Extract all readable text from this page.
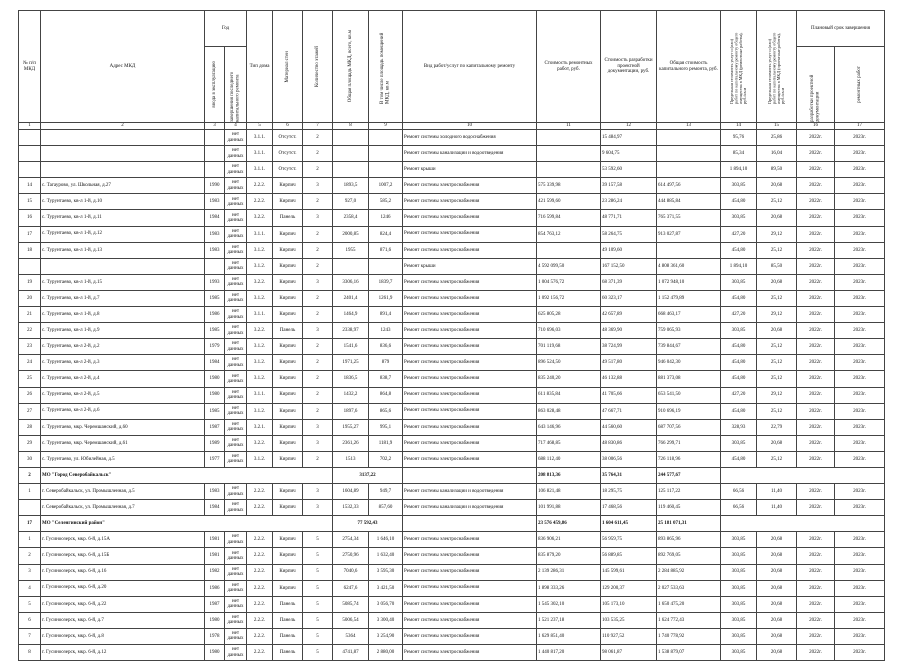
№ п/п МКД	Адрес МКД	Год		Тип дома	Материал стен	Количество этажей	Общая площадь МКД, всего, кв.м	В том числе площадь помещений МКД, кв.м	Вид работ/услуг по капитальному ремонту	Стоимость ремонтных работ, руб.	Стоимость разработки проектной документации, руб.	Общая стоимость капитального ремонта, руб.	Предельная стоимость услуг и (или) работ по капитальному ремонту общего имущества в МКД (ремонтные работы), руб./кв.м	Предельная стоимость услуг и (или) работ по капитальному ремонту общего имущества в МКД (проектные работы), руб./кв.м	Плановый срок завершения	

		ввода в эксплуатацию	завершения последнего капитального ремонта												разработки проектной документации	ремонтных работ

1	2	3	4	5	6	7	8	9	10	11	12	13	14	15	16	17
			нет данных	3.1.1.	Отсутст.	2			Ремонт системы холодного водоснабжения		15 484,97		95,76	25,86	2022г.	2023г.
			нет данных	3.1.1.	Отсутст.	2			Ремонт системы канализации и водоотведения		9 604,75		85,34	16,04	2022г.	2023г.
			нет данных	3.1.1.	Отсутст.	2			Ремонт крыши		53 592,60		1 894,10	89,50	2022г.	2023г.
14	с. Тагаурово, ул. Школьная, д.27	1990	нет данных	2.2.2.	Кирпич	3	1893,5	1007,2	Ремонт системы электроснабжения	575 339,98	39 157,58	614 497,56	303,85	20,68	2022г.	2023г.
15	с. Турунтаево, кв-л 1-й, д.10	1983	нет данных	2.2.2.	Кирпич	2	927,0	585,2	Ремонт системы электроснабжения	421 599,60	23 286,24	444 885,84	454,80	25,12	2022г.	2023г.
16	с. Турунтаево, кв-л 1-й, д.11	1984	нет данных	3.2.2.	Панель	3	2358,4	1246	Ремонт системы электроснабжения	716 599,84	48 771,71	765 371,55	303,85	20,68	2022г.	2023г.
17	с. Турунтаево, кв-л 1-й, д.12	1983	нет данных	3.1.1.	Кирпич	2	2000,85	824,4	Ремонт системы электроснабжения	854 763,12	58 264,75	913 027,87	427,20	29,12	2022г.	2023г.
18	с. Турунтаево, кв-л 1-й, д.13	1983	нет данных	3.1.2.	Кирпич	2	1955	871,6	Ремонт системы электроснабжения		49 109,60		454,80	25,12	2022г.	2023г.
			нет данных	3.1.2.	Кирпич	2			Ремонт крыши	4 592 099,50	167 152,50	4 808 361,60	1 894,10	85,50	2022г.	2023г.
19	с. Турунтаево, кв-л 1-й, д.15	1993	нет данных	3.2.2.	Кирпич	3	3306,16	1839,7	Ремонт системы электроснабжения	1 004 576,72	68 371,39	1 072 948,10	303,85	20,68	2022г.	2023г.
20	с. Турунтаево, кв-л 1-й, д.7	1985	нет данных	3.1.2.	Кирпич	2	2401,4	1261,9	Ремонт системы электроснабжения	1 092 156,72	60 323,17	1 152 479,89	454,80	25,12	2022г.	2023г.
21	с. Турунтаево, кв-л 1-й, д.8	1986	нет данных	3.1.1.	Кирпич	2	1464,9	891,4	Ремонт системы электроснабжения	625 805,28	42 657,89	668 463,17	427,20	29,12	2022г.	2023г.
22	с. Турунтаево, кв-л 1-й, д.9	1985	нет данных	3.2.2.	Панель	3	2338,97	1243	Ремонт системы электроснабжения	710 696,03	48 369,90	759 065,93	303,85	20,68	2022г.	2023г.
23	с. Турунтаево, кв-л 2-й, д.2	1979	нет данных	3.1.2.	Кирпич	2	1541,6	836,6	Ремонт системы электроснабжения	701 119,68	38 724,99	739 844,67	454,80	25,12	2022г.	2023г.
24	с. Турунтаево, кв-л 2-й, д.3	1984	нет данных	3.1.2.	Кирпич	2	1971,25	879	Ремонт системы электроснабжения	896 524,50	49 517,80	946 042,30	454,80	25,12	2022г.	2023г.
25	с. Турунтаево, кв-л 2-й, д.4	1980	нет данных	3.1.2.	Кирпич	2	1836,5	838,7	Ремонт системы электроснабжения	835 240,20	46 132,88	881 373,08	454,80	25,12	2022г.	2023г.
26	с. Турунтаево, кв-л 2-й, д.5	1980	нет данных	3.1.1.	Кирпич	2	1432,2	864,8	Ремонт системы электроснабжения	611 835,84	41 705,66	653 541,50	427,20	29,12	2022г.	2023г.
27	с. Турунтаево, кв-л 2-й, д.6	1985	нет данных	3.1.2.	Кирпич	2	1897,6	865,6	Ремонт системы электроснабжения	863 028,48	47 667,71	910 696,19	454,80	25,12	2022г.	2023г.
28	с. Турунтаево, мкр. Черемшанский, д.60	1987	нет данных	3.2.1.	Кирпич	3	1955,27	995,1	Ремонт системы электроснабжения	643 146,96	44 560,60	687 707,56	328,93	22,79	2022г.	2023г.
29	с. Турунтаево, мкр. Черемшанский, д.61	1989	нет данных	3.2.2.	Кирпич	3	2361,26	1181,9	Ремонт системы электроснабжения	717 468,85	48 830,86	766 299,71	303,85	20,68	2022г.	2023г.
30	с. Турунтаево, ул. Юбилейная, д.5	1977	нет данных	3.1.2.	Кирпич	2	1513	702,2	Ремонт системы электроснабжения	688 112,40	38 006,56	726 118,96	454,80	25,12	2022г.	2023г.
2	МО "Город Северобайкальск"						3137,22			208 813,36	35 764,31	244 577,67				
1	г. Северобайкальск, ул. Промышленная, д.5	1983	нет данных	2.2.2.	Кирпич	3	1604,89	949,7	Ремонт системы канализации и водоотведения	106 821,48	18 295,75	125 117,22	66,56	11,40	2022г.	2023г.
	г. Северобайкальск, ул. Промышленная, д.7	1984	нет данных	2.2.2.	Кирпич	3	1532,33	857,60	Ремонт системы канализации и водоотведения	101 991,88	17 468,56	119 460,45	66,56	11,40	2022г.	2023г.
17	МО "Селенгинский район"						77 592,43			23 576 459,86	1 604 611,45	25 181 071,31				
1	г. Гусиноозерск, мкр. 6-й, д.15А	1981	нет данных	2.2.2.	Кирпич	5	2754,34	1 646,10	Ремонт системы электроснабжения	836 906,21	56 959,75	893 865,96	303,85	20,68	2022г.	2023г.
2	г. Гусиноозерск, мкр. 6-й, д.15Б	1981	нет данных	2.2.2.	Кирпич	5	2750,96	1 632,40	Ремонт системы электроснабжения	835 879,20	56 889,85	892 769,05	303,85	20,68	2022г.	2023г.
3	г. Гусиноозерск, мкр. 6-й, д.16	1982	нет данных	2.2.2.	Кирпич	5	7040,6	3 595,30	Ремонт системы электроснабжения	2 139 286,31	145 599,61	2 284 885,92	303,85	20,68	2022г.	2023г.
4	г. Гусиноозерск, мкр. 6-й, д.20	1986	нет данных	2.2.2.	Кирпич	5	6247,6	3 421,50	Ремонт системы электроснабжения	1 898 333,26	129 200,37	2 027 533,63	303,85	20,68	2022г.	2023г.
5	г. Гусиноозерск, мкр. 6-й, д.22	1987	нет данных	2.2.2.	Панель	5	5085,74	3 056,70	Ремонт системы электроснабжения	1 545 302,10	105 173,10	1 650 475,20	303,85	20,68	2022г.	2023г.
6	г. Гусиноозерск, мкр. 6-й, д.7	1980	нет данных	2.2.2.	Панель	5	5006,54	3 300,40	Ремонт системы электроснабжения	1 521 237,18	103 535,25	1 624 772,43	303,85	20,68	2022г.	2023г.
7	г. Гусиноозерск, мкр. 6-й, д.8	1978	нет данных	2.2.2.	Панель	5	5364	3 254,90	Ремонт системы электроснабжения	1 629 851,40	110 927,52	1 740 778,92	303,85	20,68	2022г.	2023г.
8	г. Гусиноозерск, мкр. 6-й, д.12	1980	нет данных	2.2.2.	Панель	5	4741,87	2 880,00	Ремонт системы электроснабжения	1 440 817,20	98 061,87	1 538 879,07	303,85	20,68	2022г.	2023г.
